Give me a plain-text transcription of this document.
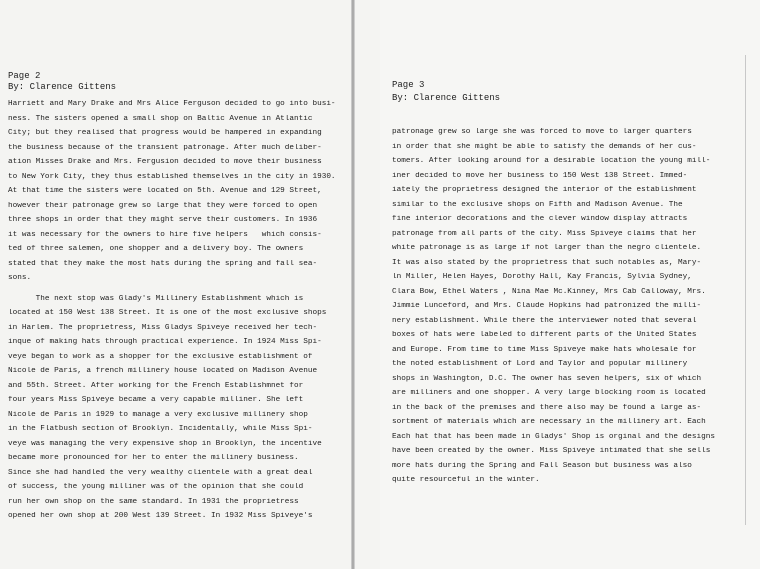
Page 2
By: Clarence Gittens	Page 3
By: Clarence Gittens
Harriett and Mary Drake and Mrs Alice Ferguson decided to go into busi-
ness. The sisters opened a small shop on Baltic Avenue in Atlantic
City; but they realised that progress would be hampered in expanding
the business because of the transient patronage. After much deliber-
ation Misses Drake and Mrs. Fergusion decided to move their business
to New York City, they thus established themselves in the city in 1930.
At that time the sisters were located on 5th. Avenue and 129 Street,
however their patronage grew so large that they were forced to open
three shops in order that they might serve their customers. In 1936
it was necessary for the owners to hire five helpers   which consis-
ted of three salemen, one shopper and a delivery boy. The owners
stated that they make the most hats during the spring and fall sea-
sons.
The next stop was Glady's Millinery Establishment which is
located at 150 West 138 Street. It is one of the most exclusive shops
in Harlem. The proprietress, Miss Gladys Spiveye received her tech-
inque of making hats through practical experience. In 1924 Miss Spi-
veye began to work as a shopper for the exclusive establishment of
Nicole de Paris, a french millinery house located on Madison Avenue
and 55th. Street. After working for the French Establishmnet for
four years Miss Spiveye became a very capable milliner. She left
Nicole de Paris in 1929 to manage a very exclusive millinery shop
in the Flatbush section of Brooklyn. Incidentally, while Miss Spi-
veye was managing the very expensive shop in Brooklyn, the incentive
became more pronounced for her to enter the millinery business.
Since she had handled the very wealthy clientele with a great deal
of success, the young milliner was of the opinion that she could
run her own shop on the same standard. In 1931 the proprietress
opened her own shop at 200 West 139 Street. In 1932 Miss Spiveye's
patronage grew so large she was forced to move to larger quarters
in order that she might be able to satisfy the demands of her cus-
tomers. After looking around for a desirable location the young mill-
iner decided to move her business to 150 West 138 Street. Immed-
iately the proprietress designed the interior of the establishment
similar to the exclusive shops on Fifth and Madison Avenue. The
fine interior decorations and the clever window display attracts
patronage from all parts of the city. Miss Spiveye claims that her
white patronage is as large if not larger than the negro clientele.
It was also stated by the proprietress that such notables as, Mary-
ln Miller, Helen Hayes, Dorothy Hall, Kay Francis, Sylvia Sydney,
Clara Bow, Ethel Waters , Nina Mae Mc.Kinney, Mrs Cab Calloway, Mrs.
Jimmie Lunceford, and Mrs. Claude Hopkins had patronized the milli-
nery establishment. While there the interviewer noted that several
boxes of hats were labeled to different parts of the United States
and Europe. From time to time Miss Spiveye make hats wholesale for
the noted establishment of Lord and Taylor and popular millinery
shops in Washington, D.C. The owner has seven helpers, six of which
are milliners and one shopper. A very large blocking room is located
in the back of the premises and there also may be found a large as-
sortment of materials which are necessary in the millinery art. Each
Each hat that has been made in Gladys' Shop is orginal and the designs
have been created by the owner. Miss Spiveye intimated that she sells
more hats during the Spring and Fall Season but business was also
quite resourceful in the winter.
